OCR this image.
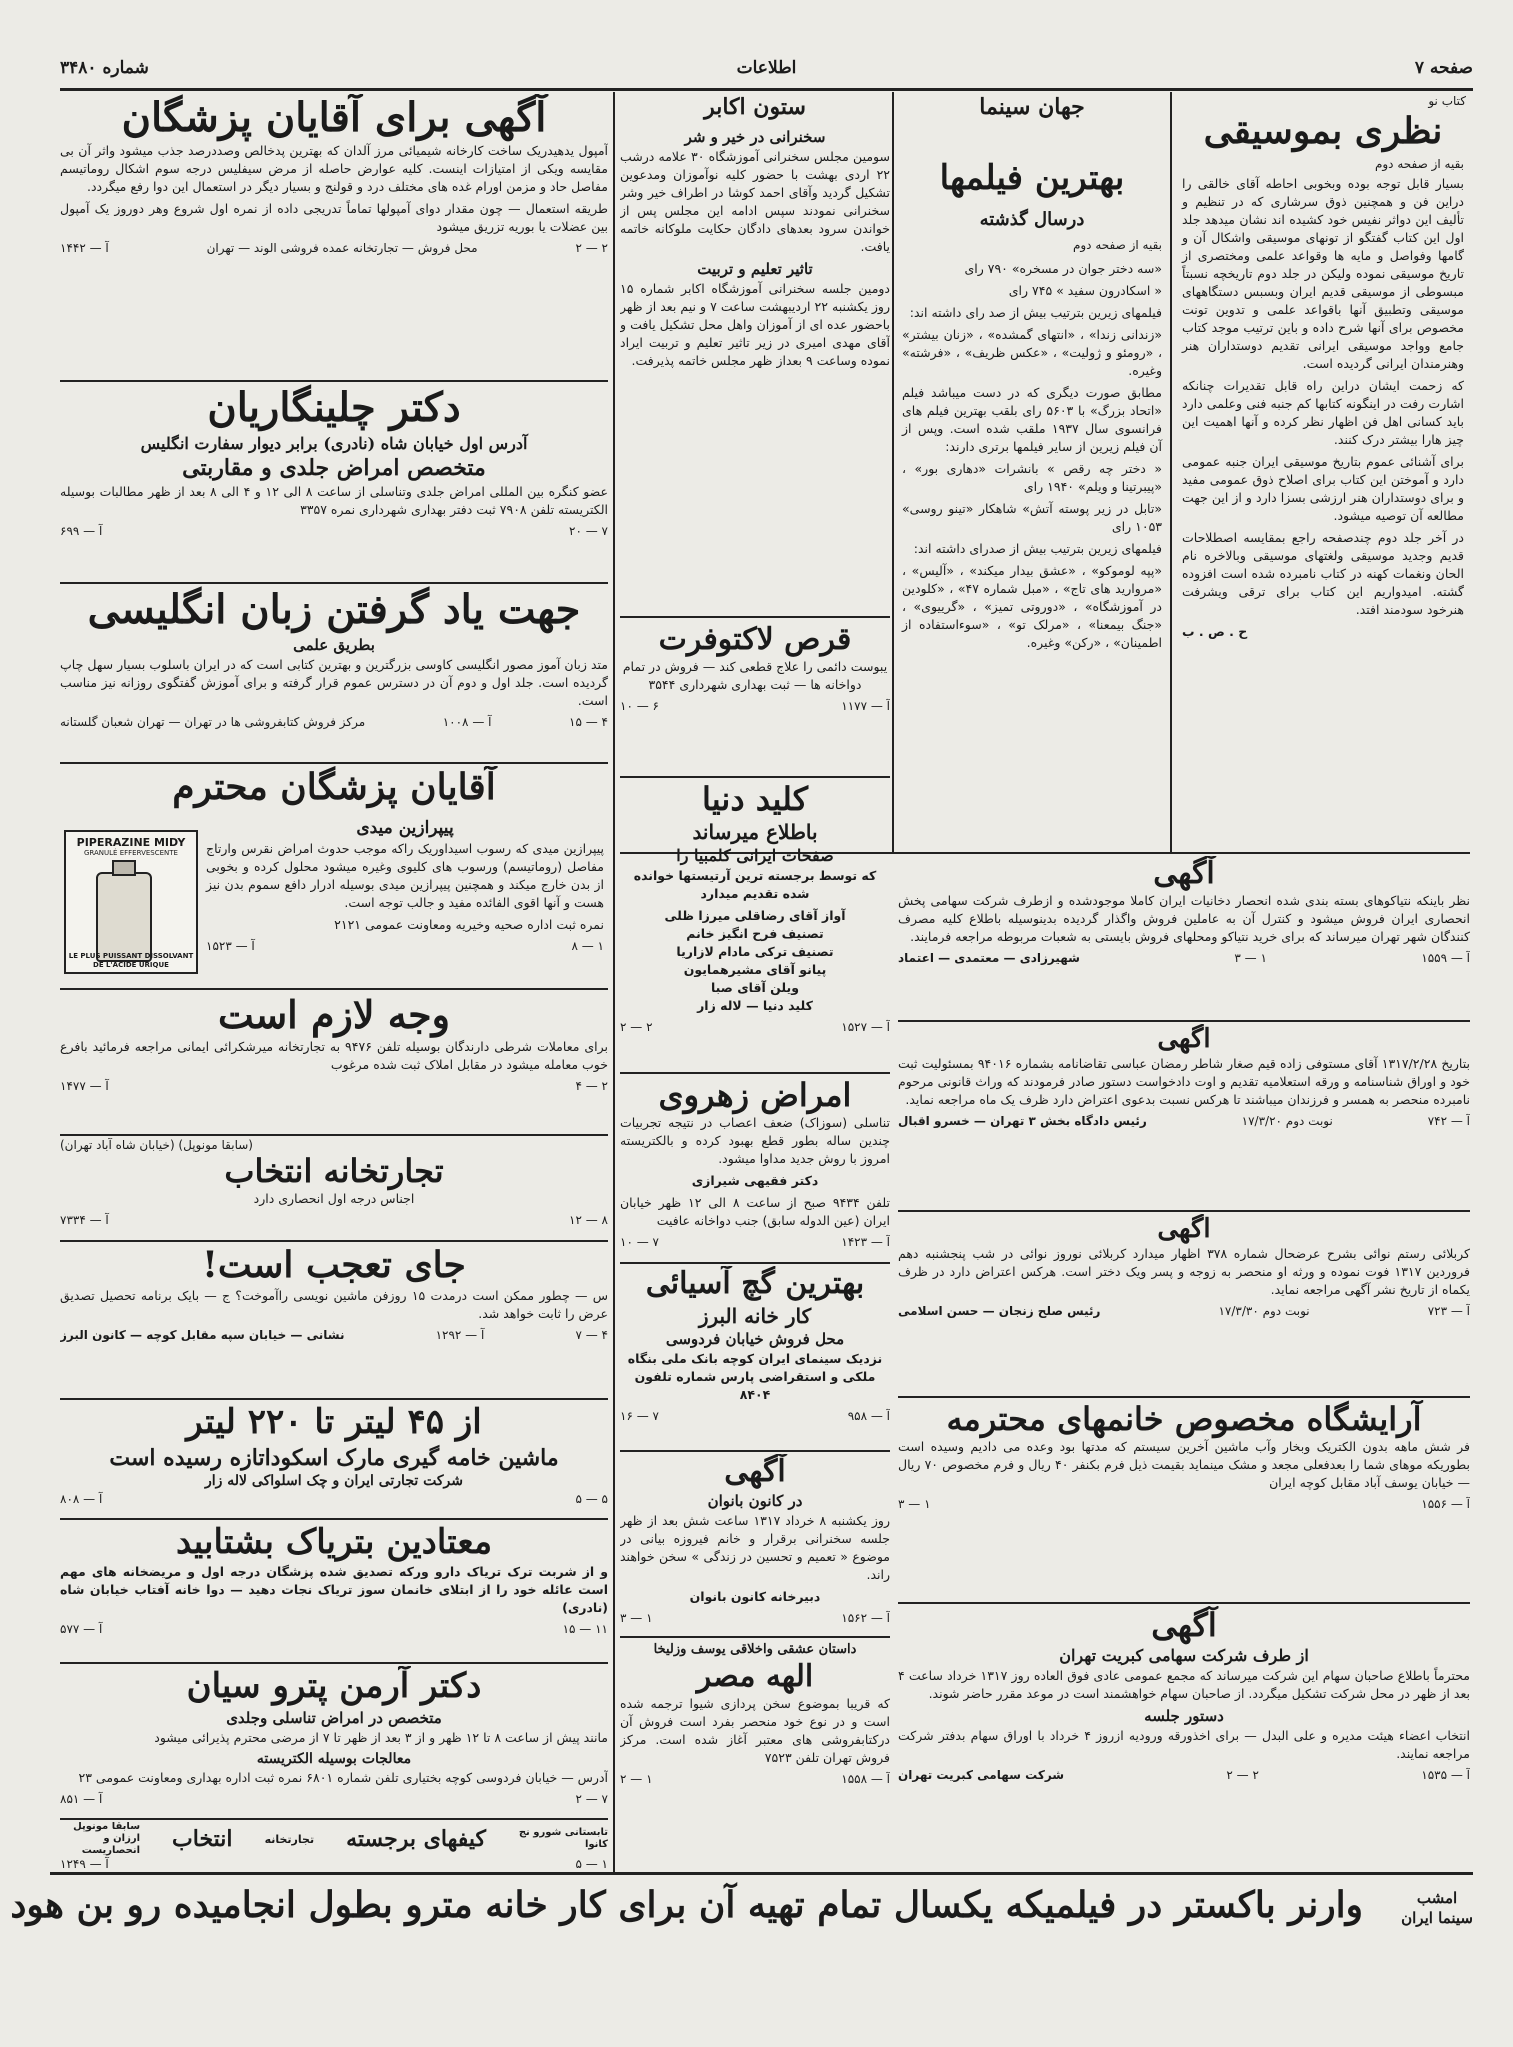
صفحه ۷
اطلاعات
شماره ۳۴۸۰
کتاب نو
نظری بموسیقی
بقیه از صفحه دوم

بسیار قابل توجه بوده وبخوبی احاطه آقای خالقی را دراین فن و همچنین ذوق سرشاری که در تنظیم و تألیف این دواثر نفیس خود کشیده اند نشان میدهد جلد اول این کتاب گفتگو از تونهای موسیقی واشکال آن و گامها وفواصل و مایه ها وقواعد علمی ومختصری از تاریخ موسیقی نموده ولیکن در جلد دوم تاریخچه نسبتاً مبسوطی از موسیقی قدیم ایران وبسبس دستگاههای موسیقی وتطبیق آنها باقواعد علمی و تدوین تونت مخصوص برای آنها شرح داده و باین ترتیب موجد کتاب جامع وواجد موسیقی ایرانی تقدیم دوستداران هنر وهنرمندان ایرانی گردیده است.

که زحمت ایشان دراین راه قابل تقدیرات چنانکه اشارت رفت در اینگونه کتابها کم جنبه فنی وعلمی دارد باید کسانی اهل فن اظهار نظر کرده و آنها اهمیت این چیز هارا بیشتر درک کنند.

برای آشنائی عموم بتاریخ موسیقی ایران جنبه عمومی دارد و آموختن این کتاب برای اصلاح ذوق عمومی مفید و برای دوستداران هنر ارزشی بسزا دارد و از این جهت مطالعه آن توصیه میشود.

در آخر جلد دوم چندصفحه راجع بمقایسه اصطلاحات قدیم وجدید موسیقی ولغتهای موسیقی وبالاخره نام الحان ونغمات کهنه در کتاب نامبرده شده است افزوده گشته. امیدواریم این کتاب برای ترقی ویشرفت هنرخود سودمند افتد.

ح . ص . ب

جهان سینما
بهترین فیلمها
درسال گذشته
بقیه از صفحه دوم

«سه دختر جوان در مسخره» ۷۹۰ رای

« اسکادرون سفید » ۷۴۵ رای

فیلمهای زیرین بترتیب بیش از صد رای داشته اند:

«زندانی زندا» ، «انتهای گمشده» ، «زنان بیشتر» ، «رومئو و ژولیت» ، «عکس ظریف» ، «فرشته» وغیره.

مطابق صورت دیگری که در دست میباشد فیلم «اتحاد بزرگ» با ۵۶۰۳ رای بلقب بهترین فیلم های فرانسوی سال ۱۹۳۷ ملقب شده است. وپس از آن فیلم زیرین از سایر فیلمها برتری دارند:

« دختر چه رقص » بانشرات «دهاری بور» ، «پیبرتینا و ویلم» ۱۹۴۰ رای

«تابل در زیر پوسته آتش» شاهکار «تینو روسی» ۱۰۵۳ رای

فیلمهای زیرین بترتیب بیش از صدرای داشته اند:

«پپه لوموکو» ، «عشق بیدار میکند» ، «آلیس» ، «مروارید های تاج» ، «مبل شماره ۴۷» ، «کلودین در آموزشگاه» ، «دوروتی تمیز» ، «گرییوی» ، «جنگ بیمعنا» ، «مرلک تو» ، «سوءاستفاده از اطمینان» ، «رکن» وغیره.

ستون اکابر
سخنرانی در خیر و شر

سومین مجلس سخنرانی آموزشگاه ۳۰ علامه درشب ۲۲ اردی بهشت با حضور کلیه نوآموزان ومدعوین تشکیل گردید وآقای احمد کوشا در اطراف خیر وشر سخنرانی نمودند سپس ادامه این مجلس پس از خواندن سرود بعدهای دادگان حکایت ملوکانه خاتمه یافت.

تاثیر تعلیم و تربیت

دومین جلسه سخنرانی آموزشگاه اکابر شماره ۱۵ روز یکشنبه ۲۲ اردیبهشت ساعت ۷ و نیم بعد از ظهر باحضور عده ای از آموزان واهل محل تشکیل یافت و آقای مهدی امیری در زیر تاثیر تعلیم و تربیت ایراد نموده وساعت ۹ بعداز ظهر مجلس خاتمه پذیرفت.

قرص لاکتوفرت

یبوست دائمی را علاج قطعی کند — فروش در تمام دواخانه ها — ثبت بهداری شهرداری ۳۵۴۴

آ — ۱۱۷۷
۶ — ۱۰
کلید دنیا
باطلاع میرساند
صفحات ایرانی کلمبیا را

که توسط برجسته ترین آرتیستها خوانده شده تقدیم میدارد

آواز آقای رضاقلی میرزا ظلی

تصنیف فرح انگیز خانم

تصنیف ترکی مادام لازاریا

پیانو آقای مشیرهمایون

ویلن آقای صبا

کلید دنیا — لاله زار

آ — ۱۵۲۷
۲ — ۲
امراض زهروی

تناسلی (سوزاک) ضعف اعصاب در نتیجه تجربیات چندین ساله بطور قطع بهبود کرده و بالکتریسته امروز با روش جدید مداوا میشود.

دکتر فقیهی شیرازی

تلفن ۹۴۳۴ صبح از ساعت ۸ الی ۱۲ ظهر خیابان ایران (عین الدوله سابق) جنب دواخانه عافیت

آ — ۱۴۲۳
۷ — ۱۰
بهترین گچ آسیائی
کار خانه البرز
محل فروش خیابان فردوسی

نزدیک سینمای ایران کوچه بانک ملی بنگاه ملکی و استقراضی پارس شماره تلفون ۸۴۰۴

آ — ۹۵۸
۷ — ۱۶
آگهی
در کانون بانوان

روز یکشنبه ۸ خرداد ۱۳۱۷ ساعت شش بعد از ظهر جلسه سخنرانی برقرار و خانم فیروزه بیانی در موضوع « تعمیم و تحسین در زندگی » سخن خواهند راند.

دبیرخانه کانون بانوان

آ — ۱۵۶۲
۱ — ۳
داستان عشقی واخلاقی یوسف وزلیخا
الهه مصر

که قریبا بموضوع سخن پردازی شیوا ترجمه شده است و در نوع خود منحصر بفرد است فروش آن درکتابفروشی های معتبر آغاز شده است. مرکز فروش تهران تلفن ۷۵۲۳

آ — ۱۵۵۸
۱ — ۲
آگهی

نظر باینکه نتیاکوهای بسته بندی شده انحصار دخانیات ایران کاملا موجودشده و ازطرف شرکت سهامی پخش انحصاری ایران فروش میشود و کنترل آن به عاملین فروش واگذار گردیده بدینوسیله باطلاع کلیه مصرف کنندگان شهر تهران میرساند که برای خرید نتیاکو ومحلهای فروش بایستی به شعبات مربوطه مراجعه فرمایند.

آ — ۱۵۵۹
۱ — ۳
شهیرزادی — معتمدی — اعتماد
اگهی

بتاریخ ۱۳۱۷/۲/۲۸ آقای مستوفی زاده قیم صغار شاطر رمضان عباسی تقاضانامه بشماره ۹۴۰۱۶ بمسئولیت ثبت خود و اوراق شناسنامه و ورقه استعلامیه تقدیم و اوت دادخواست دستور صادر فرمودند که وراث قانونی مرحوم نامبرده منحصر به همسر و فرزندان میباشند تا هرکس نسبت بدعوی اعتراض دارد ظرف یک ماه مراجعه نماید.

آ — ۷۴۲
نوبت دوم ۱۷/۳/۲۰
رئیس دادگاه بخش ۳ تهران — خسرو اقبال
اگهی

کربلائی رستم نوائی بشرح عرضحال شماره ۳۷۸ اظهار میدارد کربلائی نوروز نوائی در شب پنجشنبه دهم فروردین ۱۳۱۷ فوت نموده و ورثه او منحصر به زوجه و پسر ویک دختر است. هرکس اعتراض دارد در ظرف یکماه از تاریخ نشر آگهی مراجعه نماید.

آ — ۷۲۳
نوبت دوم ۱۷/۳/۳۰
رئیس صلح زنجان — حسن اسلامی
آرایشگاه مخصوص خانمهای محترمه

فر شش ماهه بدون الکتریک وبخار وآب ماشین آخرین سیستم که مدتها بود وعده می دادیم وسیده است بطوریکه موهای شما را بعدفعلی مجعد و مشک مینماید بقیمت ذیل فرم بکنفر ۴۰ ریال و فرم مخصوص ۷۰ ریال — خیابان یوسف آباد مقابل کوچه ایران

آ — ۱۵۵۶
۱ — ۳
آگهی
از طرف شرکت سهامی کبریت تهران

محترماً باطلاع صاحبان سهام این شرکت میرساند که مجمع عمومی عادی فوق العاده روز ۱۳۱۷ خرداد ساعت ۴ بعد از ظهر در محل شرکت تشکیل میگردد. از صاحبان سهام خواهشمند است در موعد مقرر حاضر شوند.

دستور جلسه

انتخاب اعضاء هیئت مدیره و علی البدل — برای اخذورقه ورودیه ازروز ۴ خرداد با اوراق سهام بدفتر شرکت مراجعه نمایند.

آ — ۱۵۳۵
۲ — ۲
شرکت سهامی کبریت تهران
آگهی برای آقایان پزشگان

آمپول یدهیدریک ساخت کارخانه شیمیائی مرز آلدان که بهترین پدخالص وصددرصد جذب میشود واثر آن بی مقایسه ویکی از امتیازات اینست. کلیه عوارض حاصله از مرض سیفلیس درجه سوم اشکال روماتیسم مفاصل حاد و مزمن اورام غده های مختلف درد و قولنج و بسیار دیگر در استعمال این دوا رفع میگردد.

طریقه استعمال — چون مقدار دوای آمپولها تماماً تدریجی داده از نمره اول شروع وهر دوروز یک آمپول بین عضلات یا بوریه تزریق میشود

۲ — ۲
محل فروش — تجارتخانه عمده فروشی الوند — تهران
آ — ۱۴۴۲
دکتر چلینگاریان
آدرس اول خیابان شاه (نادری) برابر دیوار سفارت انگلیس
متخصص امراض جلدی و مقاربتی

عضو کنگره بین المللی امراض جلدی وتناسلی از ساعت ۸ الی ۱۲ و ۴ الی ۸ بعد از ظهر مطالبات بوسیله الکتریسته تلفن ۷۹۰۸ ثبت دفتر بهداری شهرداری نمره ۳۳۵۷

۷ — ۲۰
آ — ۶۹۹
جهت یاد گرفتن زبان انگلیسی
بطریق علمی

متد زبان آموز مصور انگلیسی کاوسی بزرگترین و بهترین کتابی است که در ایران باسلوب بسیار سهل چاپ گردیده است. جلد اول و دوم آن در دسترس عموم قرار گرفته و برای آموزش گفتگوی روزانه نیز مناسب است.

۴ — ۱۵
آ — ۱۰۰۸
مرکز فروش کتابفروشی ها در تهران — تهران شعبان گلستانه
آقایان پزشگان محترم
PIPERAZINE MIDY
GRANULÉ EFFERVESCENTE
LE PLUS PUISSANT DISSOLVANT DE L'ACIDE URIQUE
پیپرازین میدی

پیپرازین میدی که رسوب اسیداوریک راکه موجب حدوث امراض نقرس وارتاج مفاصل (روماتیسم) ورسوب های کلیوی وغیره میشود محلول کرده و بخوبی از بدن خارج میکند و همچنین پیپرازین میدی بوسیله ادرار دافع سموم بدن نیز هست و آنها اقوی الفائده مفید و جالب توجه است.

نمره ثبت اداره صحیه وخیریه ومعاونت عمومی ۲۱۲۱

۱ — ۸
آ — ۱۵۲۳
وجه لازم است

برای معاملات شرطی دارندگان بوسیله تلفن ۹۴۷۶ به تجارتخانه میرشکرائی ایمانی مراجعه فرمائید بافرع خوب معامله میشود در مقابل املاک ثبت شده مرغوب

۲ — ۴
آ — ۱۴۷۷
(سابقا مونوپل) (خیابان شاه آباد تهران)
تجارتخانه انتخاب

اجناس درجه اول انحصاری دارد

۸ — ۱۲
آ — ۷۳۳۴
جای تعجب است!

س — چطور ممکن است درمدت ۱۵ روزفن ماشین نویسی راآموخت؟ ج — بایک برنامه تحصیل تصدیق عرض را ثابت خواهد شد.

۴ — ۷
آ — ۱۲۹۲
نشانی — خیابان سپه مقابل کوچه — کانون البرز
از ۴۵ لیتر تا ۲۲۰ لیتر
ماشین خامه گیری مارک اسکوداتازه رسیده است
شرکت تجارتی ایران و چک اسلواکی لاله زار
۵ — ۵
آ — ۸۰۸
معتادین بتریاک بشتابید

و از شربت ترک تریاک دارو ورکه تصدیق شده پزشگان درجه اول و مریضخانه های مهم است عائله خود را از ابتلای خانمان سوز تریاک نجات دهید — دوا خانه آفتاب خیابان شاه (نادری)

۱۱ — ۱۵
آ — ۵۷۷
دکتر آرمن پترو سیان
متخصص در امراض تناسلی وجلدی

مانند پیش از ساعت ۸ تا ۱۲ ظهر و از ۳ بعد از ظهر تا ۷ از مرضی محترم پذیرائی میشود

معالجات بوسیله الکتریسته

آدرس — خیابان فردوسی کوچه بختیاری تلفن شماره ۶۸۰۱ نمره ثبت اداره بهداری ومعاونت عمومی ۲۳

۷ — ۲
آ — ۸۵۱
تابستانی شورو نج کانوا
کیفهای برجسته
تجارتخانه
انتخاب
سابقا مونوپل ارزان و انحصاریست
۱ — ۵
آ — ۱۲۴۹
امشب
سینما ایران
وارنر باکستر در فیلمیکه یکسال تمام تهیه آن برای کار خانه مترو بطول انجامیده رو بن هود
